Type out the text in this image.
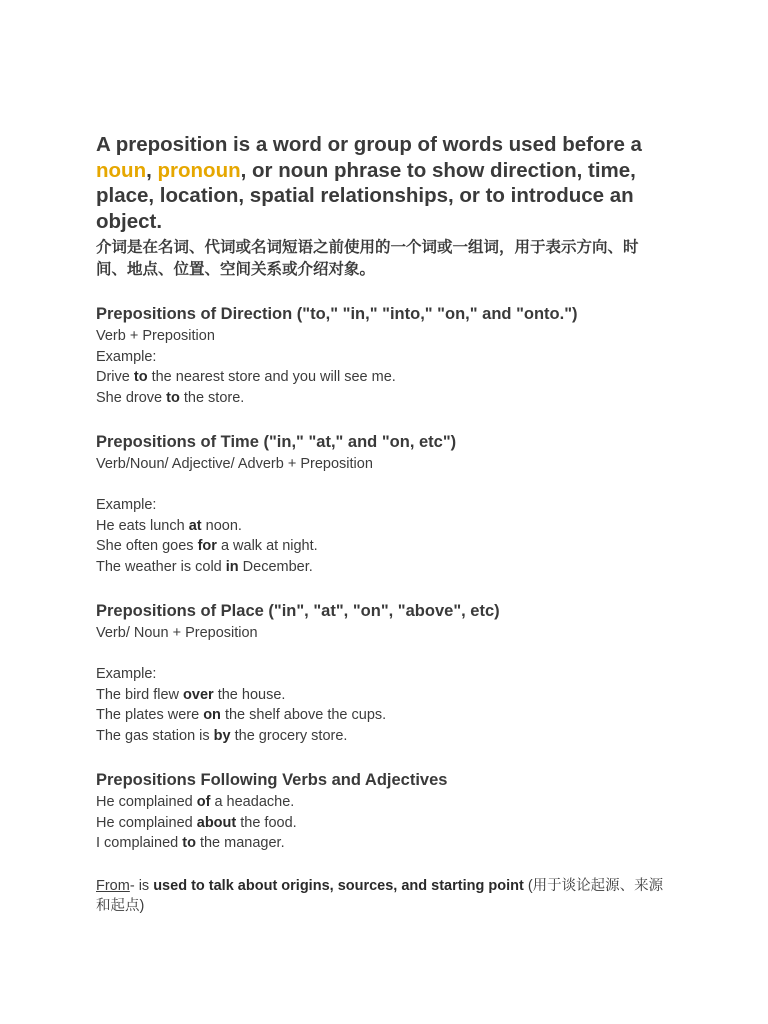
A preposition is a word or group of words used before a noun, pronoun, or noun phrase to show direction, time, place, location, spatial relationships, or to introduce an object.

介词是在名词、代词或名词短语之前使用的一个词或一组词，用于表示方向、时间、地点、位置、空间关系或介绍对象。

Prepositions of Direction ("to," "in," "into," "on," and "onto.")

Verb + Preposition

Example:

Drive to the nearest store and you will see me.

She drove to the store.

Prepositions of Time ("in," "at," and "on, etc")

Verb/Noun/ Adjective/ Adverb + Preposition

Example:

He eats lunch at noon.

She often goes for a walk at night.

The weather is cold in December.

Prepositions of Place ("in", "at", "on", "above", etc)

Verb/ Noun + Preposition

Example:

The bird flew over the house.

The plates were on the shelf above the cups.

The gas station is by the grocery store.

Prepositions Following Verbs and Adjectives

He complained of a headache.

He complained about the food.

I complained to the manager.

From- is used to talk about origins, sources, and starting point (用于谈论起源、来源和起点)
